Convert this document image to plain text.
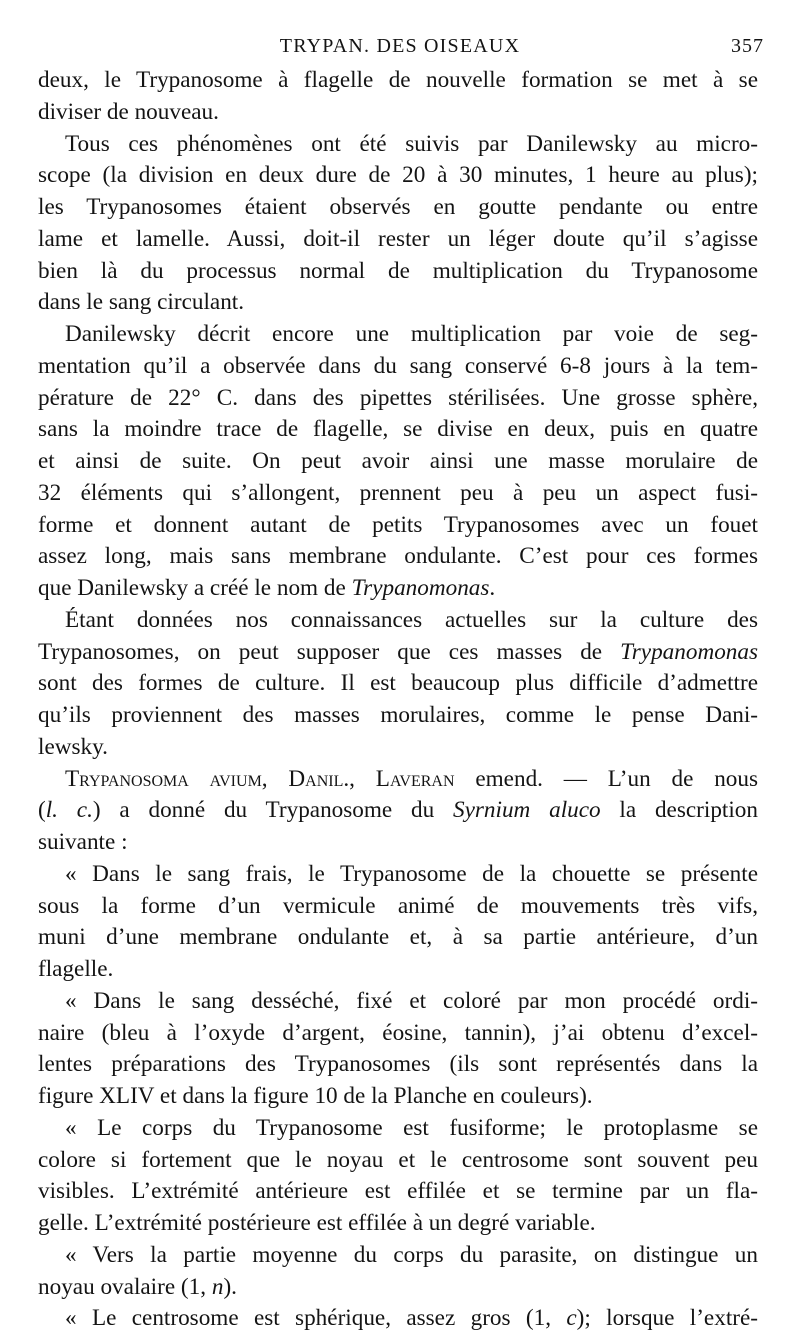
TRYPAN. DES OISEAUX	357

deux, le Trypanosome à flagelle de nouvelle formation se met à se
diviser de nouveau.

Tous ces phénomènes ont été suivis par Danilewsky au micro-
scope (la division en deux dure de 20 à 30 minutes, 1 heure au plus);
les Trypanosomes étaient observés en goutte pendante ou entre
lame et lamelle. Aussi, doit-il rester un léger doute qu’il s’agisse
bien là du processus normal de multiplication du Trypanosome
dans le sang circulant.

Danilewsky décrit encore une multiplication par voie de seg-
mentation qu’il a observée dans du sang conservé 6-8 jours à la tem-
pérature de 22° C. dans des pipettes stérilisées. Une grosse sphère,
sans la moindre trace de flagelle, se divise en deux, puis en quatre
et ainsi de suite. On peut avoir ainsi une masse morulaire de
32 éléments qui s’allongent, prennent peu à peu un aspect fusi-
forme et donnent autant de petits Trypanosomes avec un fouet
assez long, mais sans membrane ondulante. C’est pour ces formes
que Danilewsky a créé le nom de Trypanomonas.

Étant données nos connaissances actuelles sur la culture des
Trypanosomes, on peut supposer que ces masses de Trypanomonas
sont des formes de culture. Il est beaucoup plus difficile d’admettre
qu’ils proviennent des masses morulaires, comme le pense Dani-
lewsky.

Trypanosoma avium, Danil., Laveran emend. — L’un de nous
(l. c.) a donné du Trypanosome du Syrnium aluco la description
suivante :

« Dans le sang frais, le Trypanosome de la chouette se présente
sous la forme d’un vermicule animé de mouvements très vifs,
muni d’une membrane ondulante et, à sa partie antérieure, d’un
flagelle.

« Dans le sang desséché, fixé et coloré par mon procédé ordi-
naire (bleu à l’oxyde d’argent, éosine, tannin), j’ai obtenu d’excel-
lentes préparations des Trypanosomes (ils sont représentés dans la
figure XLIV et dans la figure 10 de la Planche en couleurs).

« Le corps du Trypanosome est fusiforme; le protoplasme se
colore si fortement que le noyau et le centrosome sont souvent peu
visibles. L’extrémité antérieure est effilée et se termine par un fla-
gelle. L’extrémité postérieure est effilée à un degré variable.

« Vers la partie moyenne du corps du parasite, on distingue un
noyau ovalaire (1, n).

« Le centrosome est sphérique, assez gros (1, c); lorsque l’extré-
